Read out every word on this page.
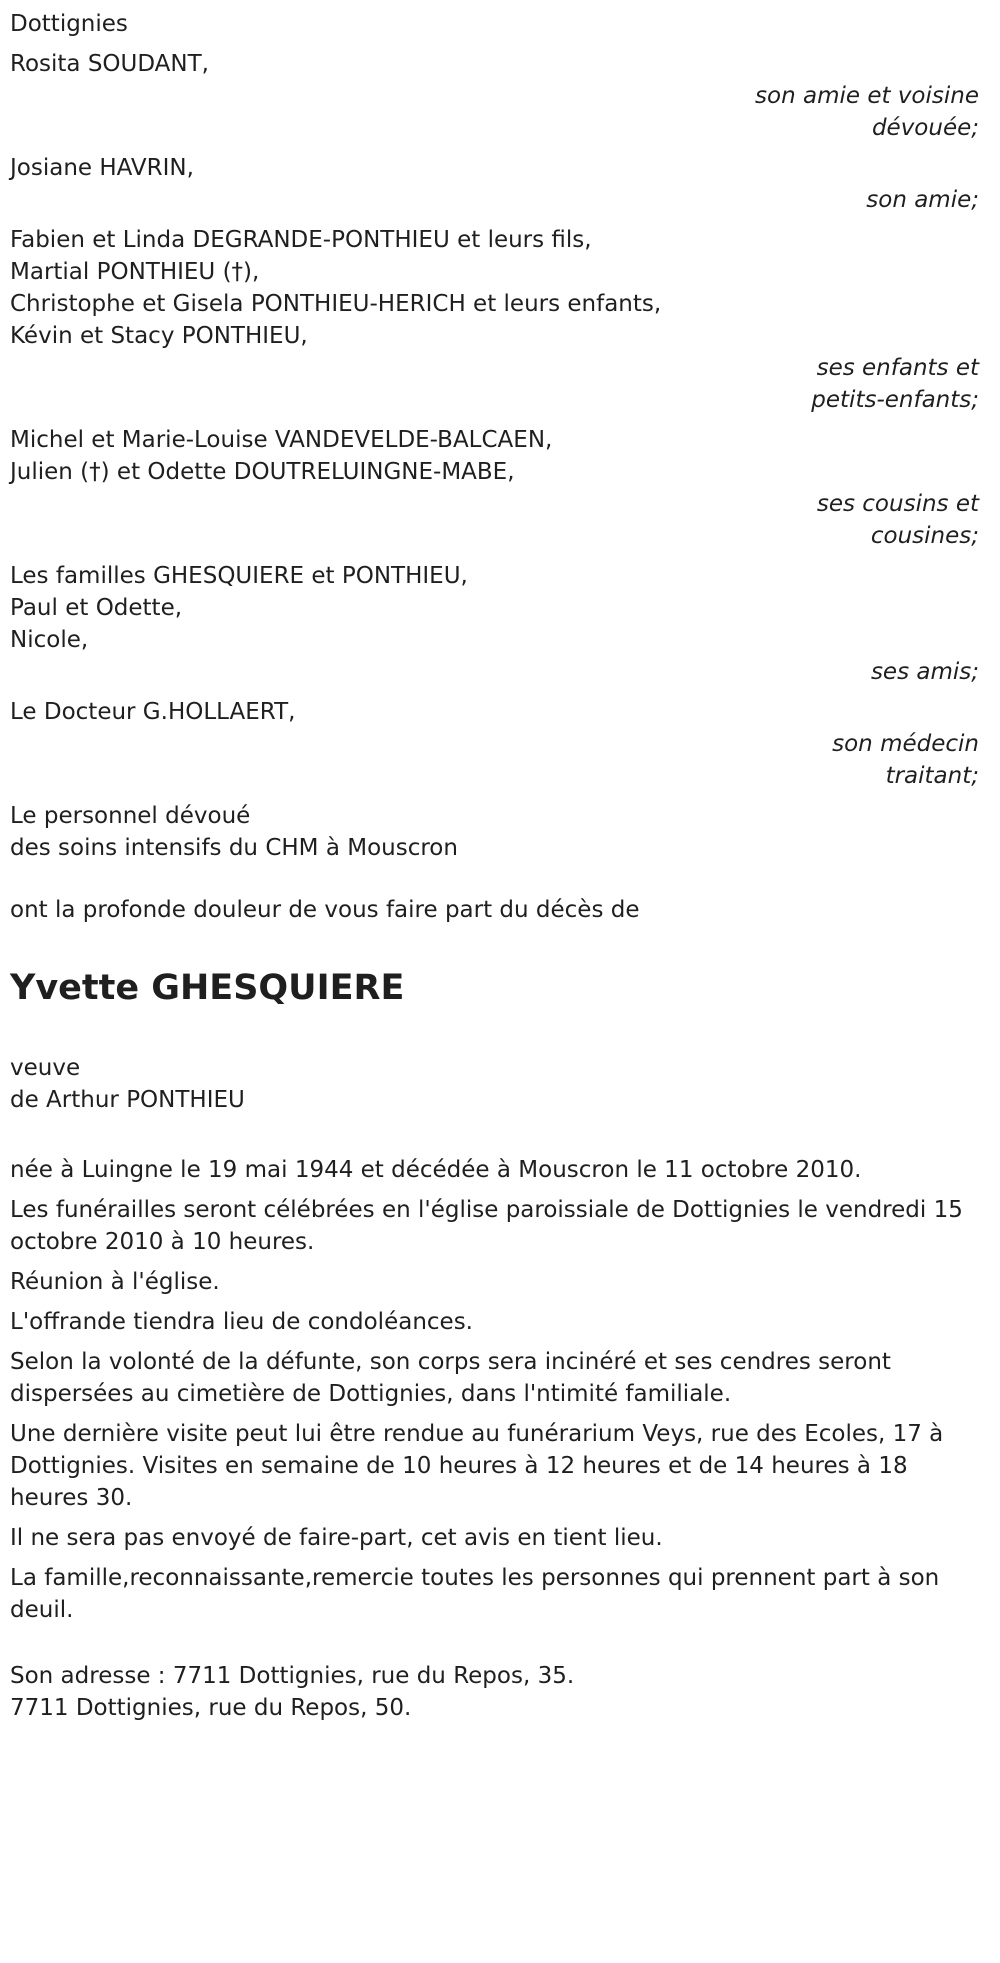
Dottignies
Rosita SOUDANT,
son amie et voisine
dévouée;
Josiane HAVRIN,
son amie;
Fabien et Linda DEGRANDE-PONTHIEU et leurs fils,
Martial PONTHIEU (†),
Christophe et Gisela PONTHIEU-HERICH et leurs enfants,
Kévin et Stacy PONTHIEU,
ses enfants et
petits-enfants;
Michel et Marie-Louise VANDEVELDE-BALCAEN,
Julien (†) et Odette DOUTRELUINGNE-MABE,
ses cousins et
cousines;
Les familles GHESQUIERE et PONTHIEU,
Paul et Odette,
Nicole,
ses amis;
Le Docteur G.HOLLAERT,
son médecin
traitant;
Le personnel dévoué
des soins intensifs du CHM à Mouscron
ont la profonde douleur de vous faire part du décès de
Yvette GHESQUIERE
veuve
de Arthur PONTHIEU
née à Luingne le 19 mai 1944 et décédée à Mouscron le 11 octobre 2010.
Les funérailles seront célébrées en l'église paroissiale de Dottignies le vendredi 15 octobre 2010 à 10 heures.
Réunion à l'église.
L'offrande tiendra lieu de condoléances.
Selon la volonté de la défunte, son corps sera incinéré et ses cendres seront dispersées au cimetière de Dottignies, dans l'ntimité familiale.
Une dernière visite peut lui être rendue au funérarium Veys, rue des Ecoles, 17 à Dottignies. Visites en semaine de 10 heures à 12 heures et de 14 heures à 18 heures 30.
Il ne sera pas envoyé de faire-part, cet avis en tient lieu.
La famille,reconnaissante,remercie toutes les personnes qui prennent part à son deuil.
Son adresse : 7711 Dottignies, rue du Repos, 35.
7711 Dottignies, rue du Repos, 50.
